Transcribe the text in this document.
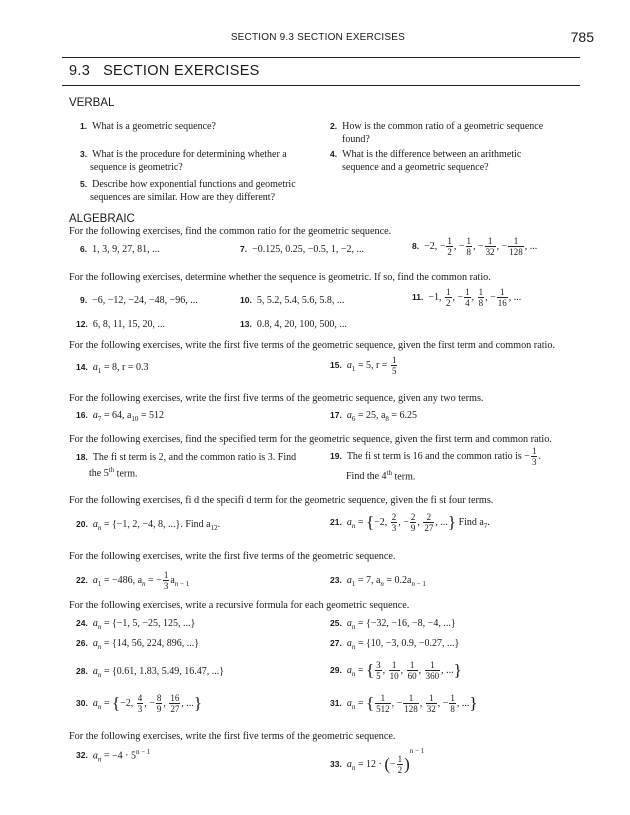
SECTION 9.3 SECTION EXERCISES	785
9.3 SECTION EXERCISES
VERBAL
1. What is a geometric sequence?	2. How is the common ratio of a geometric sequence
found?
3. What is the procedure for determining whether a
sequence is geometric?
4. What is the difference between an arithmetic
sequence and a geometric sequence?
5. Describe how exponential functions and geometric
sequences are similar. How are they different?
ALGEBRAIC
For the following exercises, find the common ratio for the geometric sequence.
6. 1, 3, 9, 27, 81, ...	7. −0.125, 0.25, −0.5, 1, −2, ...	8. −2, − $\frac{1}{2}$ , − $\frac{1}{8}$ , − $\frac{1}{32}$ , − $\frac{1}{128}$ , ...
For the following exercises, determine whether the sequence is geometric. If so, find the common ratio.
9. −6, −12, −24, −48, −96, ...	10. 5, 5.2, 5.4, 5.6, 5.8, ...	11. −1, $\frac{1}{2}$ , − $\frac{1}{4}$ , $\frac{1}{8}$ , − $\frac{1}{16}$ , ...
12. 6, 8, 11, 15, 20, ...	13. 0.8, 4, 20, 100, 500, ...
For the following exercises, write the first five terms of the geometric sequence, given the first term and common ratio.
14. $a_1 = 8$, r = 0.3	15. $a_1 = 5$, $r = \frac{1}{5}$
For the following exercises, write the first five terms of the geometric sequence, given any two terms.
16. $a_7 = 64$, $a_{10} = 512$	17. $a_6 = 25$, $a_8 = 6.25$
For the following exercises, find the specified term for the geometric sequence, given the first term and common ratio.
18. The fi st term is 2, and the common ratio is 3. Find
the 5th term.
19. The fi st term is 16 and the common ratio is − $\frac{1}{3}$ .
Find the 4th term.
For the following exercises, fi d the specifi d term for the geometric sequence, given the fi st four terms.
20. $a_n = \{-1$, 2, −4, 8, ...}. Find $a_{12}$.	21. $a_n = \{-2$, $\frac{2}{3}$ , − $\frac{2}{9}$ , $\frac{2}{27}$ , ...} Find $a_7$.
For the following exercises, write the first five terms of the geometric sequence.
22. $a_1 = -486$, $a_n$ = − $\frac{1}{3} a_{n - 1}$	23. $a_1 = 7$, $a_n = 0.2a_{n - 1}$
For the following exercises, write a recursive formula for each geometric sequence.
24. $a_n = \{-1$, 5, −25, 125, ...}	25. $a_n = \{-32$, −16, −8, −4, ...}
26. $a_n = \{14$, 56, 224, 896, ...}	27. $a_n = \{10$, −3, 0.9, −0.27, ...}
28. $a_n = \{0.61$, 1.83, 5.49, 16.47, ...}	29. $a_n$ = { $\frac{3}{5}$ , $\frac{1}{10}$ , $\frac{1}{60}$ , $\frac{1}{360}$ , ...}
30. $a_n = \{-2$, $\frac{4}{3}$ , − $\frac{8}{9}$ , $\frac{16}{27}$ , ...}	31. $a_n$ = { $\frac{1}{512}$ , − $\frac{1}{128}$ , $\frac{1}{32}$ , − $\frac{1}{8}$ , ...}
For the following exercises, write the first five terms of the geometric sequence.
32. $a_n = -4 \cdot 5^{n - 1}$
33. $a_n = 12$ · (− $\frac{1}{2} )^{n - 1}$
